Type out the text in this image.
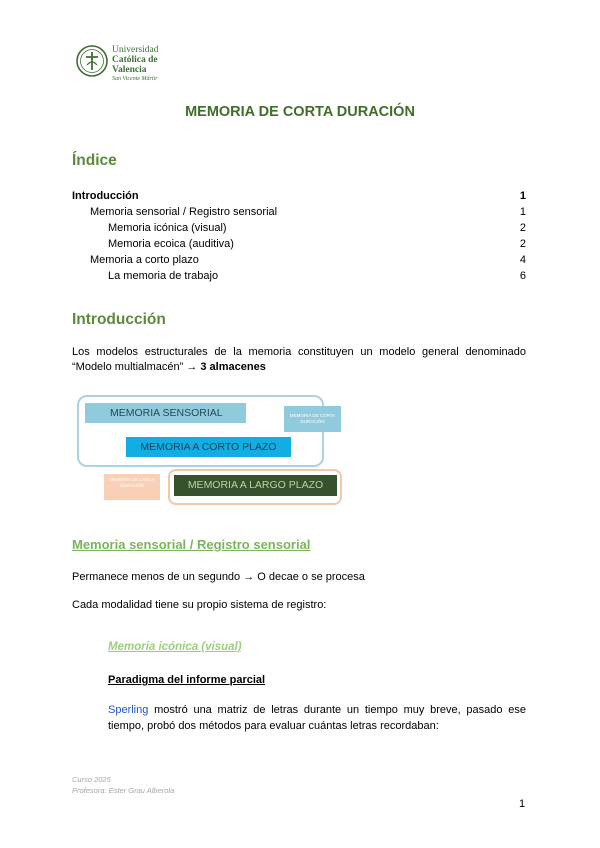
Universidad
Católica de
Valencia
San Vicente Mártir
MEMORIA DE CORTA DURACIÓN
Índice
Introducción	1
Memoria sensorial / Registro sensorial	1
Memoria icónica (visual)	2
Memoria ecoica (auditiva)	2
Memoria a corto plazo	4
La memoria de trabajo	6
Introducción
Los modelos estructurales de la memoria constituyen un modelo general denominado “Modelo multialmacén” → 3 almacenes
MEMORIA SENSORIAL	MEMORIA DE CORTA DURACIÓN
MEMORIA A CORTO PLAZO
MEMORIA DE LARGA DURACIÓN	MEMORIA A LARGO PLAZO
Memoria sensorial / Registro sensorial
Permanece menos de un segundo → O decae o se procesa
Cada modalidad tiene su propio sistema de registro:
Memoria icónica (visual)
Paradigma del informe parcial
Sperling mostró una matriz de letras durante un tiempo muy breve, pasado ese tiempo, probó dos métodos para evaluar cuántas letras recordaban:
Curso 2025
Profesora: Ester Grau Alberola
1
